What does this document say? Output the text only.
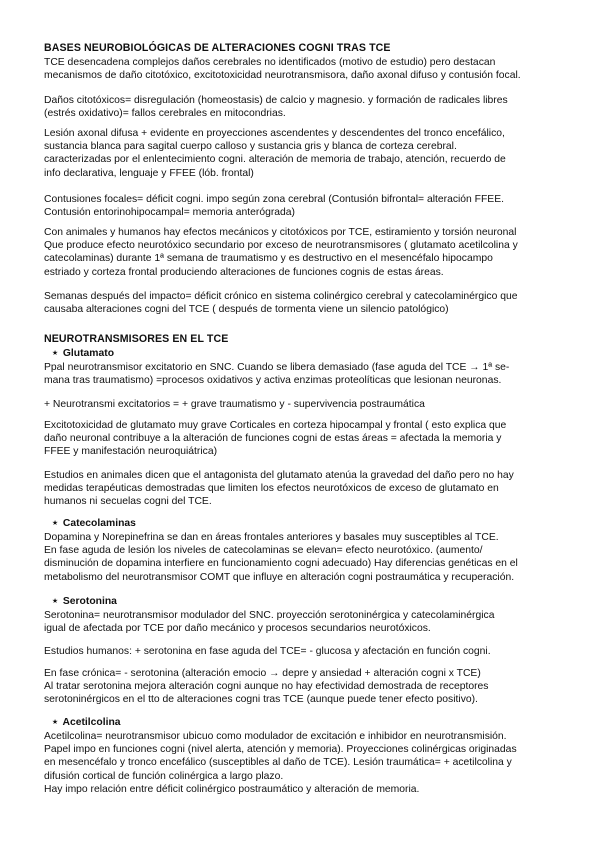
BASES NEUROBIOLÓGICAS DE ALTERACIONES COGNI TRAS TCE
TCE desencadena complejos daños cerebrales no identificados (motivo de estudio) pero destacan
mecanismos de daño citotóxico, excitotoxicidad neurotransmisora, daño axonal difuso y contusión focal.
Daños citotóxicos= disregulación (homeostasis) de calcio y magnesio. y formación de radicales libres
(estrés oxidativo)= fallos cerebrales en mitocondrias.
Lesión axonal difusa + evidente en proyecciones ascendentes y descendentes del tronco encefálico,
sustancia blanca para sagital cuerpo calloso y sustancia gris y blanca de corteza cerebral.
caracterizadas por el enlentecimiento cogni. alteración de memoria de trabajo, atención, recuerdo de
info declarativa, lenguaje y FFEE (lób. frontal)
Contusiones focales= déficit cogni. impo según zona cerebral (Contusión bifrontal= alteración FFEE.
Contusión entorinohipocampal= memoria anterógrada)
Con animales y humanos hay efectos mecánicos y citotóxicos por TCE, estiramiento y torsión neuronal
Que produce efecto neurotóxico secundario por exceso de neurotransmisores ( glutamato acetilcolina y
catecolaminas) durante 1ª semana de traumatismo y es destructivo en el mesencéfalo hipocampo
estriado y corteza frontal produciendo alteraciones de funciones cognis de estas áreas.
Semanas después del impacto= déficit crónico en sistema colinérgico cerebral y catecolaminérgico que
causaba alteraciones cogni del TCE ( después de tormenta viene un silencio patológico)
NEUROTRANSMISORES EN EL TCE
⋆ Glutamato
Ppal neurotransmisor excitatorio en SNC. Cuando se libera demasiado (fase aguda del TCE → 1ª se-
mana tras traumatismo) =procesos oxidativos y activa enzimas proteolíticas que lesionan neuronas.
+ Neurotransmi excitatorios = + grave traumatismo y - supervivencia postraumática
Excitotoxicidad de glutamato muy grave Corticales en corteza hipocampal y frontal ( esto explica que
daño neuronal contribuye a la alteración de funciones cogni de estas áreas = afectada la memoria y
FFEE y manifestación neuroquiátrica)
Estudios en animales dicen que el antagonista del glutamato atenúa la gravedad del daño pero no hay
medidas terapéuticas demostradas que limiten los efectos neurotóxicos de exceso de glutamato en
humanos ni secuelas cogni del TCE.
⋆ Catecolaminas
Dopamina y Norepinefrina se dan en áreas frontales anteriores y basales muy susceptibles al TCE.
En fase aguda de lesión los niveles de catecolaminas se elevan= efecto neurotóxico. (aumento/
disminución de dopamina interfiere en funcionamiento cogni adecuado) Hay diferencias genéticas en el
metabolismo del neurotransmisor COMT que influye en alteración cogni postraumática y recuperación.
⋆ Serotonina
Serotonina= neurotransmisor modulador del SNC. proyección serotoninérgica y catecolaminérgica
igual de afectada por TCE por daño mecánico y procesos secundarios neurotóxicos.
Estudios humanos: + serotonina en fase aguda del TCE= - glucosa y afectación en función cogni.
En fase crónica= - serotonina (alteración emocio → depre y ansiedad + alteración cogni x TCE)
Al tratar serotonina mejora alteración cogni aunque no hay efectividad demostrada de receptores
serotoninérgicos en el tto de alteraciones cogni tras TCE (aunque puede tener efecto positivo).
⋆ Acetilcolina
Acetilcolina= neurotransmisor ubicuo como modulador de excitación e inhibidor en neurotransmisión.
Papel impo en funciones cogni (nivel alerta, atención y memoria). Proyecciones colinérgicas originadas
en mesencéfalo y tronco encefálico (susceptibles al daño de TCE). Lesión traumática= + acetilcolina y
difusión cortical de función colinérgica a largo plazo.
Hay impo relación entre déficit colinérgico postraumático y alteración de memoria.
